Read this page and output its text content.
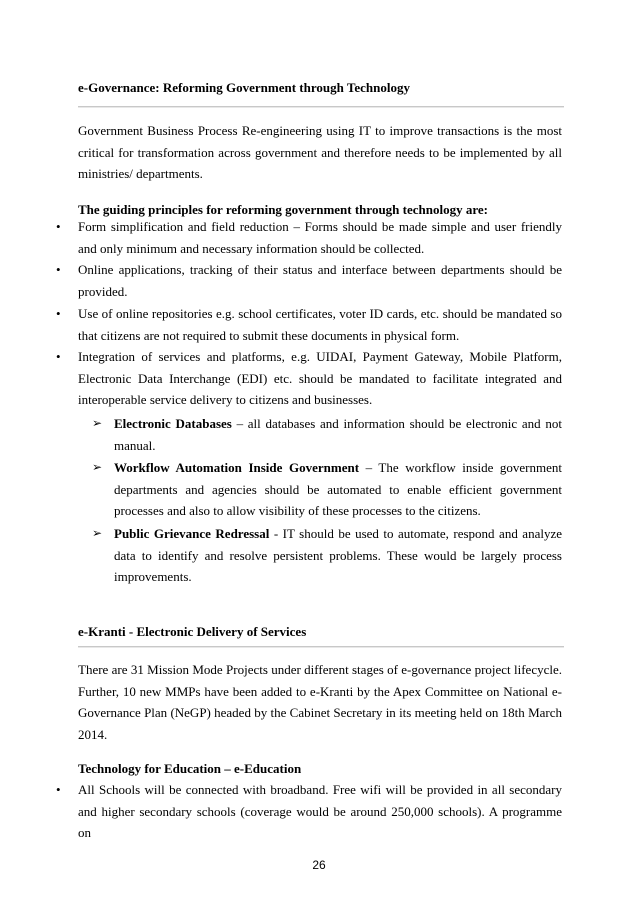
e-Governance: Reforming Government through Technology

Government Business Process Re-engineering using IT to improve transactions is the most critical for transformation across government and therefore needs to be implemented by all ministries/ departments.

The guiding principles for reforming government through technology are:
• Form simplification and field reduction – Forms should be made simple and user friendly and only minimum and necessary information should be collected.
• Online applications, tracking of their status and interface between departments should be provided.
• Use of online repositories e.g. school certificates, voter ID cards, etc. should be mandated so that citizens are not required to submit these documents in physical form.
• Integration of services and platforms, e.g. UIDAI, Payment Gateway, Mobile Platform, Electronic Data Interchange (EDI) etc. should be mandated to facilitate integrated and interoperable service delivery to citizens and businesses.
➢ Electronic Databases – all databases and information should be electronic and not manual.
➢ Workflow Automation Inside Government – The workflow inside government departments and agencies should be automated to enable efficient government processes and also to allow visibility of these processes to the citizens.
➢ Public Grievance Redressal - IT should be used to automate, respond and analyze data to identify and resolve persistent problems. These would be largely process improvements.
e-Kranti - Electronic Delivery of Services

There are 31 Mission Mode Projects under different stages of e-governance project lifecycle. Further, 10 new MMPs have been added to e-Kranti by the Apex Committee on National e-Governance Plan (NeGP) headed by the Cabinet Secretary in its meeting held on 18th March 2014.

Technology for Education – e-Education
• All Schools will be connected with broadband. Free wifi will be provided in all secondary and higher secondary schools (coverage would be around 250,000 schools). A programme on
26
